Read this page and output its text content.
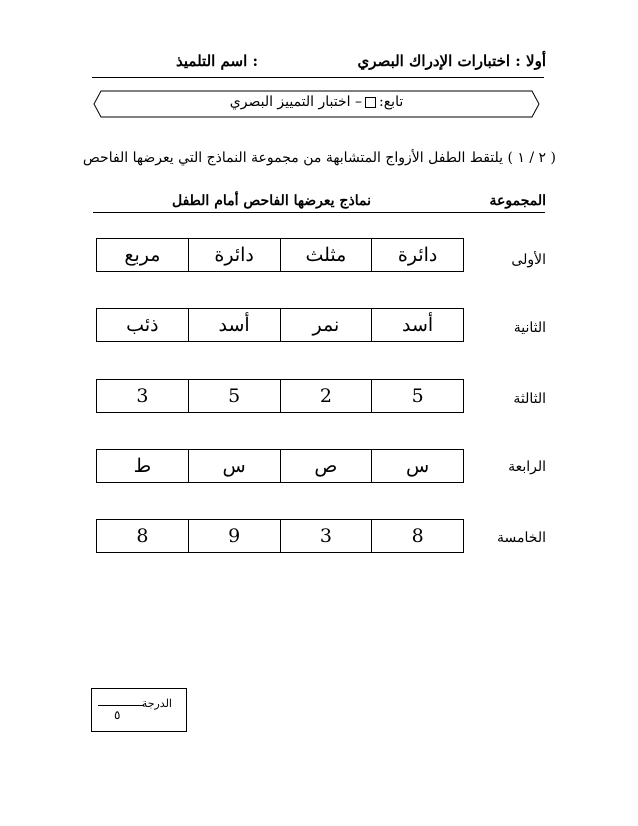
أولا : اختبارات الإدراك البصري
اسم التلميذ :
تابع:– اختبار التمييز البصري
( ٢ / ١ ) يلتقط الطفل الأزواج المتشابهة من مجموعة النماذج التي يعرضها الفاحص
المجموعة
نماذج يعرضها الفاحص أمام الطفل
الأولى
دائرة
مثلث
دائرة
مربع
الثانية
أسد
نمر
أسد
ذئب
الثالثة
5
2
5
3
الرابعة
س
ص
س
ط
الخامسة
8
3
9
8
الدرجة
٥
